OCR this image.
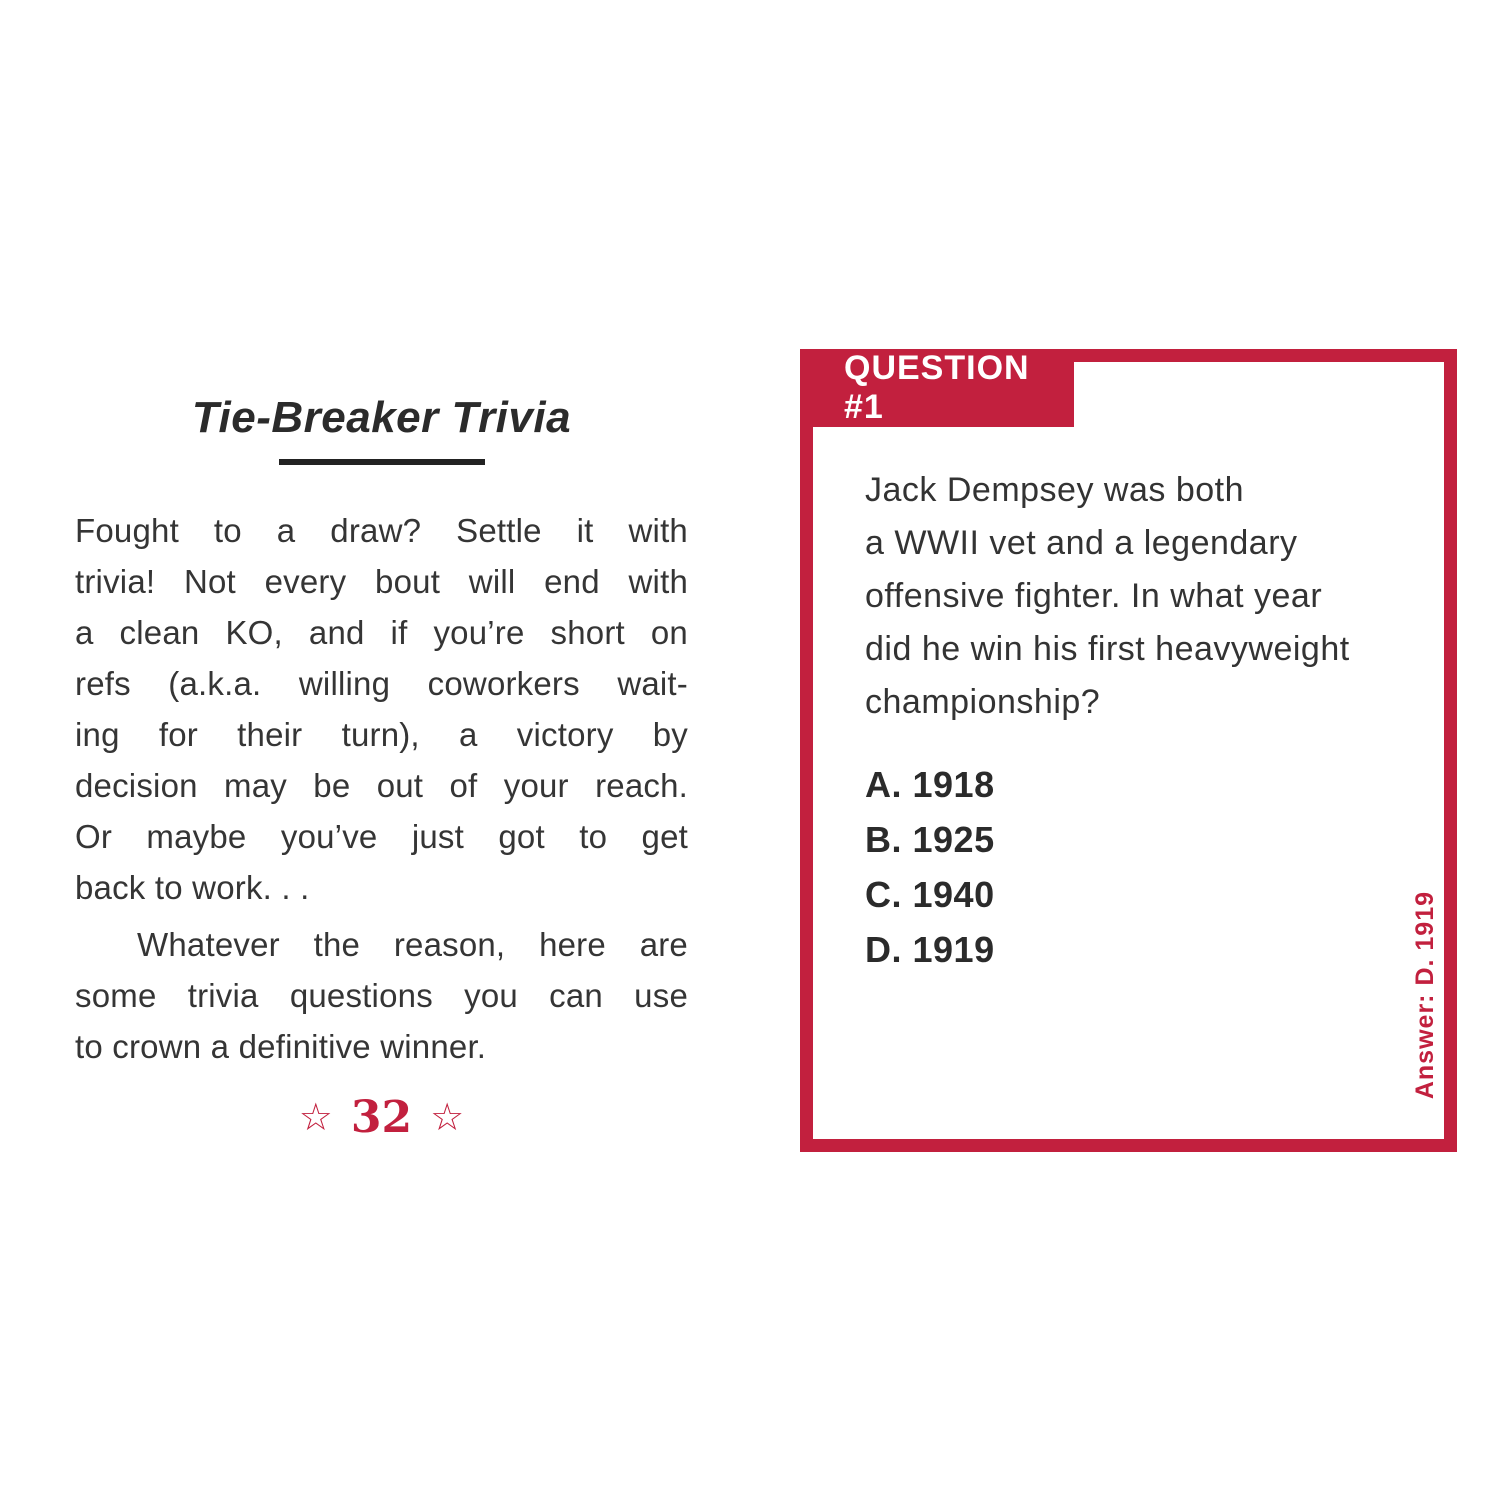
Tie-Breaker Trivia
Fought to a draw? Settle it with
trivia! Not every bout will end with
a clean KO, and if you’re short on
refs (a.k.a. willing coworkers wait-
ing for their turn), a victory by
decision may be out of your reach.
Or maybe you’ve just got to get
back to work. . .
Whatever the reason, here are
some trivia questions you can use
to crown a definitive winner.
☆ 32 ☆
QUESTION #1
Jack Dempsey was both
a WWII vet and a legendary
offensive fighter. In what year
did he win his first heavyweight
championship?
A. 1918
B. 1925
C. 1940
D. 1919	Answer: D. 1919
